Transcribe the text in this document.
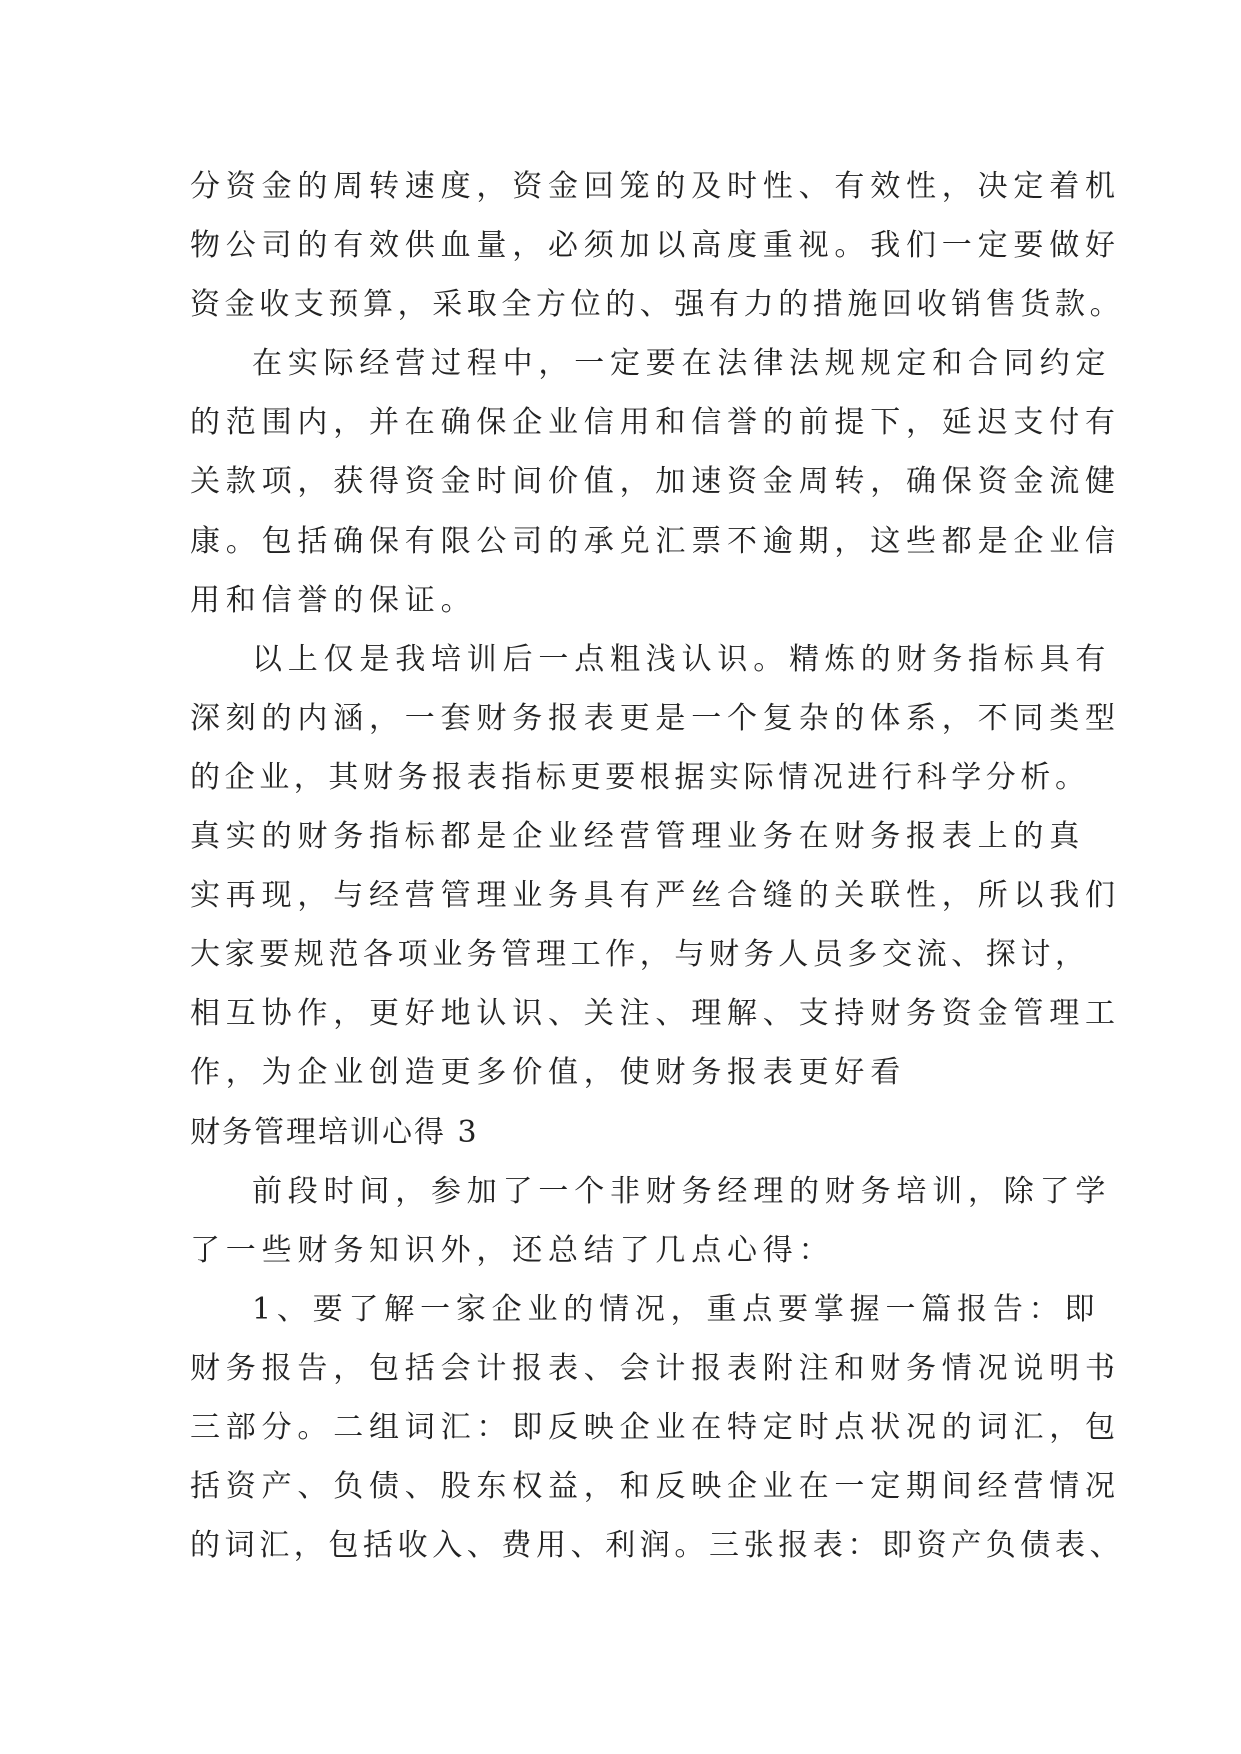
分资金的周转速度，资金回笼的及时性、有效性，决定着机
物公司的有效供血量，必须加以高度重视。我们一定要做好
资金收支预算，采取全方位的、强有力的措施回收销售货款。
在实际经营过程中，一定要在法律法规规定和合同约定
的范围内，并在确保企业信用和信誉的前提下，延迟支付有
关款项，获得资金时间价值，加速资金周转，确保资金流健
康。包括确保有限公司的承兑汇票不逾期，这些都是企业信
用和信誉的保证。
以上仅是我培训后一点粗浅认识。精炼的财务指标具有
深刻的内涵，一套财务报表更是一个复杂的体系，不同类型
的企业，其财务报表指标更要根据实际情况进行科学分析。
真实的财务指标都是企业经营管理业务在财务报表上的真
实再现，与经营管理业务具有严丝合缝的关联性，所以我们
大家要规范各项业务管理工作，与财务人员多交流、探讨，
相互协作，更好地认识、关注、理解、支持财务资金管理工
作，为企业创造更多价值，使财务报表更好看
财务管理培训心得 3
前段时间，参加了一个非财务经理的财务培训，除了学
了一些财务知识外，还总结了几点心得：
1、要了解一家企业的情况，重点要掌握一篇报告：即
财务报告，包括会计报表、会计报表附注和财务情况说明书
三部分。二组词汇：即反映企业在特定时点状况的词汇，包
括资产、负债、股东权益，和反映企业在一定期间经营情况
的词汇，包括收入、费用、利润。三张报表：即资产负债表、
